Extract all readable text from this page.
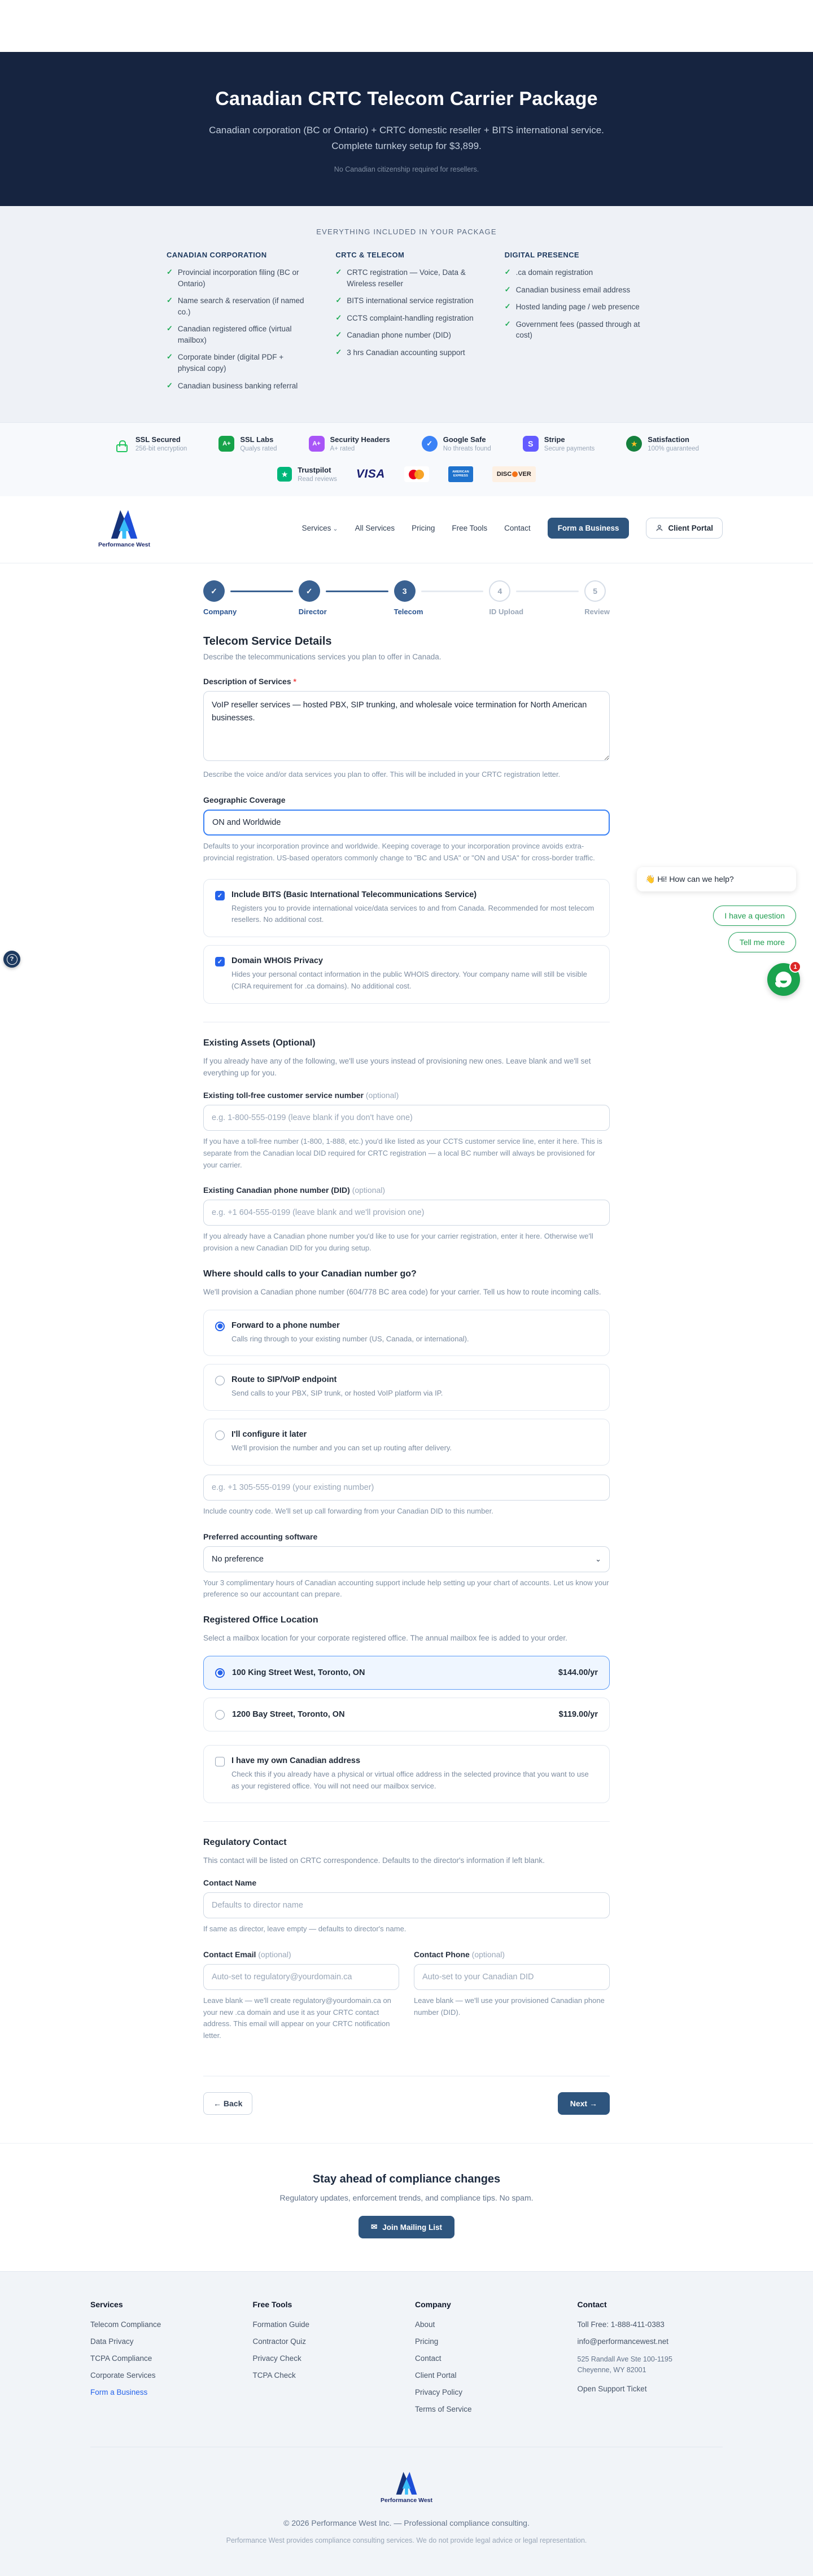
Canadian CRTC Telecom Carrier Package
Canadian corporation (BC or Ontario) + CRTC domestic reseller + BITS international service. Complete turnkey setup for $3,899.
No Canadian citizenship required for resellers.
EVERYTHING INCLUDED IN YOUR PACKAGE
CANADIAN CORPORATION
✓ Provincial incorporation filing (BC or Ontario)
✓ Name search & reservation (if named co.)
✓ Canadian registered office (virtual mailbox)
✓ Corporate binder (digital PDF + physical copy)
✓ Canadian business banking referral
CRTC & TELECOM
✓ CRTC registration — Voice, Data & Wireless reseller
✓ BITS international service registration
✓ CCTS complaint-handling registration
✓ Canadian phone number (DID)
✓ 3 hrs Canadian accounting support
DIGITAL PRESENCE
✓ .ca domain registration
✓ Canadian business email address
✓ Hosted landing page / web presence
✓ Government fees (passed through at cost)
SSL Secured
256-bit encryption
A+	SSL Labs
Qualys rated
A+	Security Headers
A+ rated
✓	Google Safe
No threats found
S	Stripe
Secure payments
★	Satisfaction
100% guaranteed
★	Trustpilot
Read reviews VISA	AMERICAN EXPRESS	DISC VER
Performance West
Services ⌄ All Services Pricing Free Tools Contact	Form a Business	Client Portal
✓
Company
✓
Director
3
Telecom
4
ID Upload
5
Review
Telecom Service Details

Describe the telecommunications services you plan to offer in Canada.

Description of Services *
VoIP reseller services — hosted PBX, SIP trunking, and wholesale voice termination for North American businesses.
Describe the voice and/or data services you plan to offer. This will be included in your CRTC registration letter.
Geographic Coverage
ON and Worldwide
Defaults to your incorporation province and worldwide. Keeping coverage to your incorporation province avoids extra-provincial registration. US-based operators commonly change to "BC and USA" or "ON and USA" for cross-border traffic.
✓ Include BITS (Basic International Telecommunications Service)
Registers you to provide international voice/data services to and from Canada. Recommended for most telecom resellers. No additional cost.
✓ Domain WHOIS Privacy
Hides your personal contact information in the public WHOIS directory. Your company name will still be visible (CIRA requirement for .ca domains). No additional cost.
Existing Assets (Optional)

If you already have any of the following, we'll use yours instead of provisioning new ones. Leave blank and we'll set everything up for you.

Existing toll-free customer service number (optional)
e.g. 1-800-555-0199 (leave blank if you don't have one)
If you have a toll-free number (1-800, 1-888, etc.) you'd like listed as your CCTS customer service line, enter it here. This is separate from the Canadian local DID required for CRTC registration — a local BC number will always be provisioned for your carrier.
Existing Canadian phone number (DID) (optional)
e.g. +1 604-555-0199 (leave blank and we'll provision one)
If you already have a Canadian phone number you'd like to use for your carrier registration, enter it here. Otherwise we'll provision a new Canadian DID for you during setup.
Where should calls to your Canadian number go?

We'll provision a Canadian phone number (604/778 BC area code) for your carrier. Tell us how to route incoming calls.

Forward to a phone number
Calls ring through to your existing number (US, Canada, or international).
Route to SIP/VoIP endpoint
Send calls to your PBX, SIP trunk, or hosted VoIP platform via IP.
I'll configure it later
We'll provision the number and you can set up routing after delivery.
e.g. +1 305-555-0199 (your existing number)
Include country code. We'll set up call forwarding from your Canadian DID to this number.
Preferred accounting software
No preference	⌄
Your 3 complimentary hours of Canadian accounting support include help setting up your chart of accounts. Let us know your preference so our accountant can prepare.
Registered Office Location

Select a mailbox location for your corporate registered office. The annual mailbox fee is added to your order.

100 King Street West, Toronto, ON	$144.00/yr
1200 Bay Street, Toronto, ON	$119.00/yr
I have my own Canadian address
Check this if you already have a physical or virtual office address in the selected province that you want to use as your registered office. You will not need our mailbox service.
Regulatory Contact

This contact will be listed on CRTC correspondence. Defaults to the director's information if left blank.

Contact Name
Defaults to director name
If same as director, leave empty — defaults to director's name.
Contact Email (optional)
Auto-set to regulatory@yourdomain.ca
Leave blank — we'll create regulatory@yourdomain.ca on your new .ca domain and use it as your CRTC contact address. This email will appear on your CRTC notification letter.
Contact Phone (optional)
Auto-set to your Canadian DID
Leave blank — we'll use your provisioned Canadian phone number (DID).
← Back	Next →
Stay ahead of compliance changes

Regulatory updates, enforcement trends, and compliance tips. No spam.

✉ Join Mailing List
Services
Telecom Compliance
Data Privacy
TCPA Compliance
Corporate Services
Form a Business
Free Tools
Formation Guide
Contractor Quiz
Privacy Check
TCPA Check
Company
About
Pricing
Contact
Client Portal
Privacy Policy
Terms of Service
Contact
Toll Free: 1-888-411-0383
info@performancewest.net
525 Randall Ave Ste 100-1195
Cheyenne, WY 82001
Open Support Ticket
Performance West
© 2026 Performance West Inc. — Professional compliance consulting.
Performance West provides compliance consulting services. We do not provide legal advice or legal representation.
?
👋 Hi! How can we help?
I have a question
Tell me more
1
